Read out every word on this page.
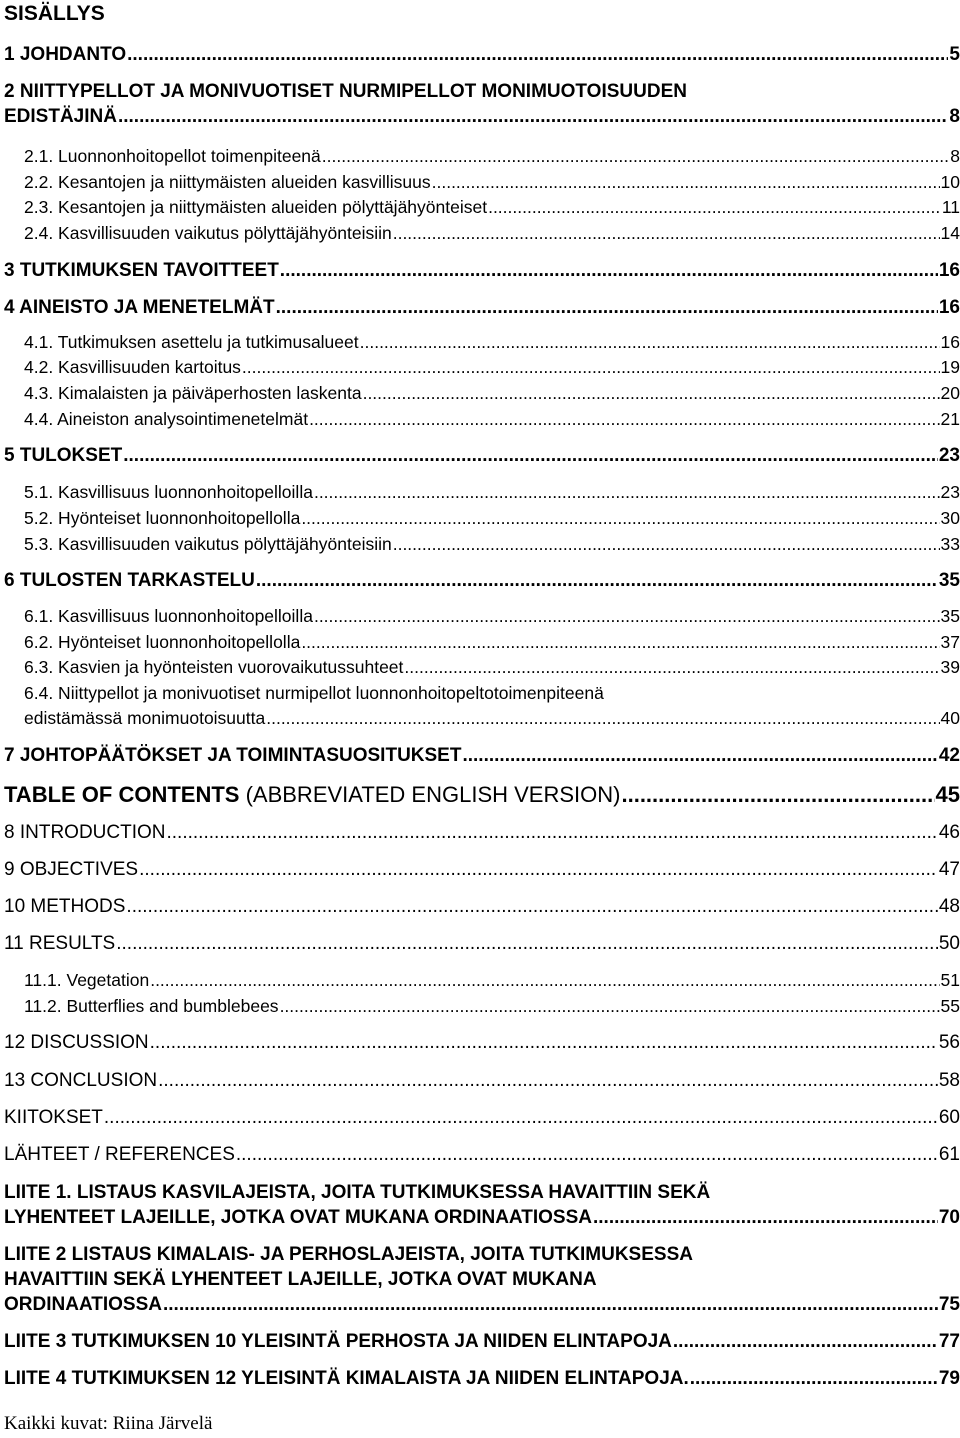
SISÄLLYS
1 JOHDANTO .....	5
2 NIITTYPELLOT JA MONIVUOTISET NURMIPELLOT MONIMUOTOISUUDEN
EDISTÄJINÄ .....	8
2.1. Luonnonhoitopellot toimenpiteenä .....	8
2.2. Kesantojen ja niittymäisten alueiden kasvillisuus .....	10
2.3. Kesantojen ja niittymäisten alueiden pölyttäjähyönteiset .....	11
2.4. Kasvillisuuden vaikutus pölyttäjähyönteisiin .....	14
3 TUTKIMUKSEN TAVOITTEET .....	16
4 AINEISTO JA MENETELMÄT .....	16
4.1. Tutkimuksen asettelu ja tutkimusalueet .....	16
4.2. Kasvillisuuden kartoitus .....	19
4.3. Kimalaisten ja päiväperhosten laskenta .....	20
4.4. Aineiston analysointimenetelmät .....	21
5 TULOKSET .....	23
5.1. Kasvillisuus luonnonhoitopelloilla .....	23
5.2. Hyönteiset luonnonhoitopellolla .....	30
5.3. Kasvillisuuden vaikutus pölyttäjähyönteisiin .....	33
6 TULOSTEN TARKASTELU .....	35
6.1. Kasvillisuus luonnonhoitopelloilla .....	35
6.2. Hyönteiset luonnonhoitopellolla .....	37
6.3. Kasvien ja hyönteisten vuorovaikutussuhteet .....	39
6.4. Niittypellot ja monivuotiset nurmipellot luonnonhoitopeltotoimenpiteenä
edistämässä monimuotoisuutta .....	40
7 JOHTOPÄÄTÖKSET JA TOIMINTASUOSITUKSET .....	42
TABLE OF CONTENTS (ABBREVIATED ENGLISH VERSION) .....	45
8 INTRODUCTION .....	46
9 OBJECTIVES .....	47
10 METHODS .....	48
11 RESULTS .....	50
11.1. Vegetation .....	51
11.2. Butterflies and bumblebees .....	55
12 DISCUSSION .....	56
13 CONCLUSION .....	58
KIITOKSET .....	60
LÄHTEET / REFERENCES .....	61
LIITE 1. LISTAUS KASVILAJEISTA, JOITA TUTKIMUKSESSA HAVAITTIIN SEKÄ
LYHENTEET LAJEILLE, JOTKA OVAT MUKANA ORDINAATIOSSA .....	70
LIITE 2 LISTAUS KIMALAIS- JA PERHOSLAJEISTA, JOITA TUTKIMUKSESSA
HAVAITTIIN SEKÄ LYHENTEET LAJEILLE, JOTKA OVAT MUKANA
ORDINAATIOSSA .....	75
LIITE 3 TUTKIMUKSEN 10 YLEISINTÄ PERHOSTA JA NIIDEN ELINTAPOJA .....	77
LIITE 4 TUTKIMUKSEN 12 YLEISINTÄ KIMALAISTA JA NIIDEN ELINTAPOJA. .....	79
Kaikki kuvat: Riina Järvelä
